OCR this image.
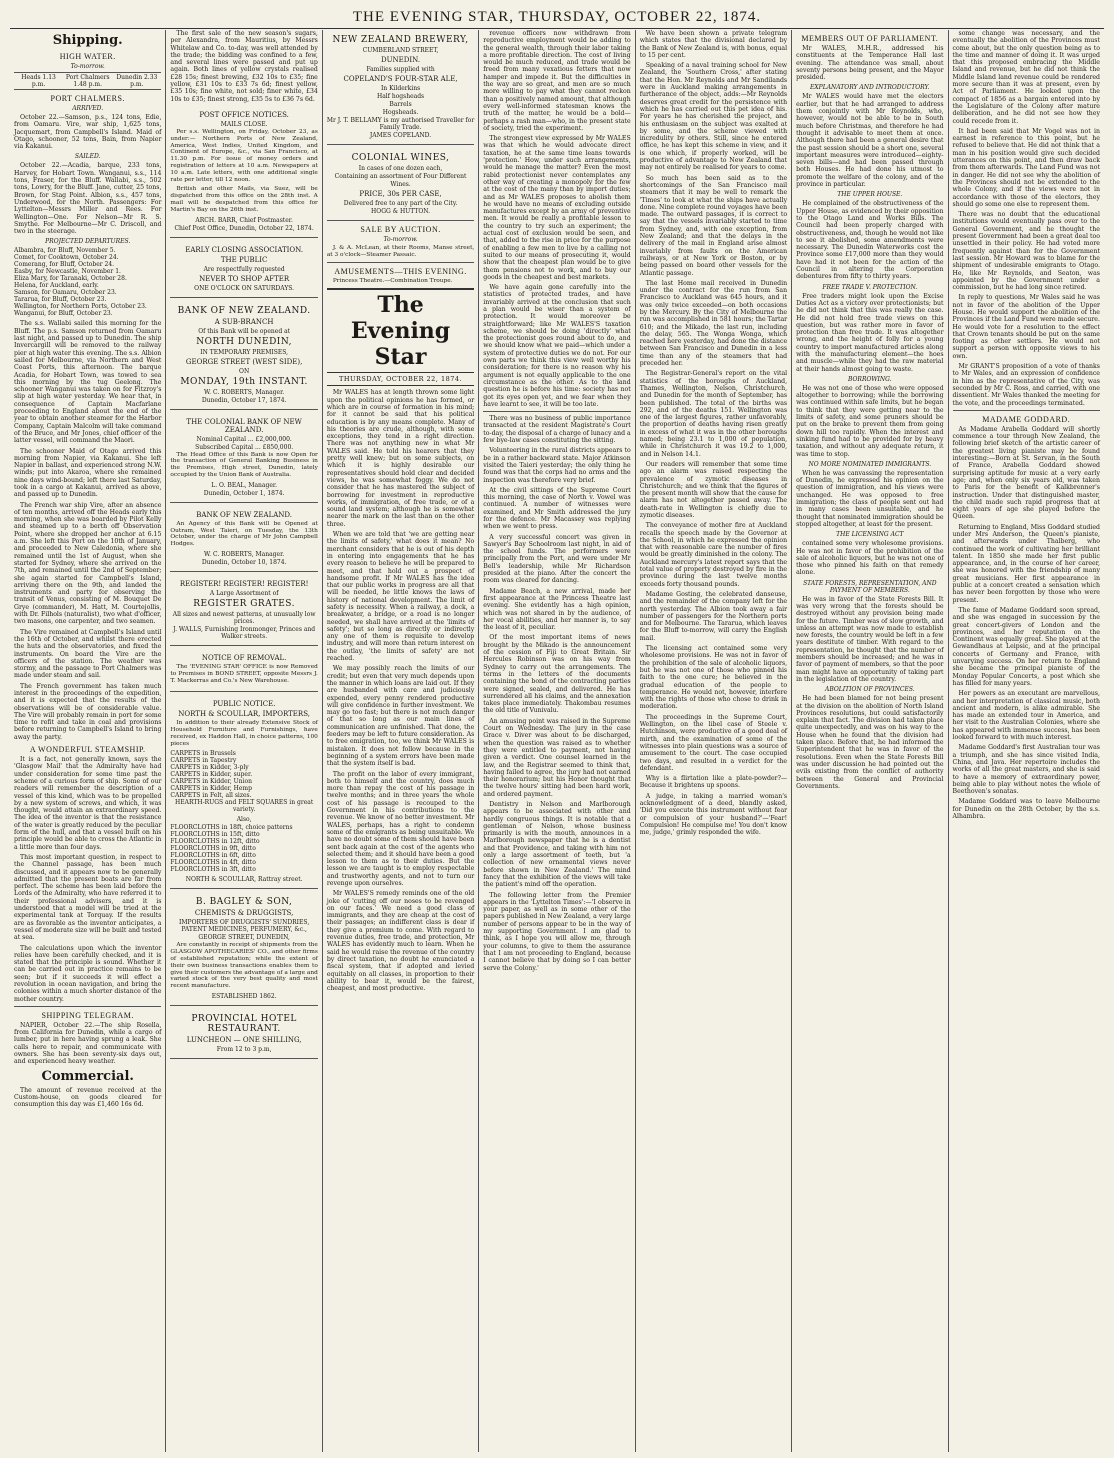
THE EVENING STAR, THURSDAY, OCTOBER 22, 1874.
Shipping.
HIGH WATER.
To-morrow.
Heads 1.13 p.m.
Port Chalmers 1.48 p.m.
Dunedin 2.33 p.m.
PORT CHALMERS.
ARRIVED.

October 22.—Samson, p.s., 124 tons, Edie, from Oamaru. Vire, war ship, 1,625 tons, Jacquemart, from Campbell's Island. Maid of Otago, schooner, 52 tons, Bain, from Napier via Kakanui.

SAILED.

October 22.—Acadia, barque, 233 tons, Harvey, for Hobart Town. Wanganui, s.s., 114 tons, Fraser, for the Bluff. Wallabi, s.s., 502 tons, Lowry, for the Bluff. Jane, cutter, 25 tons, Brown, for Stag Point. Albion, s.s., 457 tons, Underwood, for the North. Passengers: For Lyttelton—Messrs Miller and Rees. For Wellington—One. For Nelson—Mr R. S. Smythe. For Melbourne—Mr C. Driscoll, and two in the steerage.

PROJECTED DEPARTURES.
Albambra, for Bluff, November 5.
Comet, for Cooktown, October 24.
Comerang, for Bluff, October 24.
Easby, for Newcastle, November 1.
Eliza Mary, for Taranaki, October 28.
Helena, for Auckland, early.
Samson, for Oamaru, October 23.
Tararua, for Bluff, October 23.
Wellington, for Northern Ports, October 23.
Wanganui, for Bluff, October 23.

The s.s. Wallabi sailed this morning for the Bluff. The p.s. Samson returned from Oamaru last night, and passed up to Dunedin. The ship Invercargill will be removed to the railway pier at high water this evening. The s.s. Albion sailed for Melbourne, via Northern and West Coast Ports, this afternoon. The barque Acadia, for Hobart Town, was towed to sea this morning by the tug Geelong. The schooner Wanganui was taken on for Fitzroy's slip at high water yesterday. We hear that, in consequence of Captain Macfarlane proceeding to England about the end of the year to obtain another steamer for the Harbor Company, Captain Malcolm will take command of the Bruce, and Mr Jones, chief officer of the latter vessel, will command the Maori.

The schooner Maid of Otago arrived this morning from Napier, via Kakanui. She left Napier in ballast, and experienced strong N.W. winds; put into Akaroa, where she remained nine days wind-bound; left there last Saturday, took in a cargo at Kakanui, arrived as above, and passed up to Dunedin.

The French war ship Vire, after an absence of ten months, arrived off the Heads early this morning, when she was boarded by Pilot Kelly and steamed up to a berth off Observation Point, where she dropped her anchor at 6.15 a.m. She left this Port on the 10th of January, and proceeded to New Caledonia, where she remained until the 1st of August, when she started for Sydney, where she arrived on the 7th, and remained until the 2nd of September; she again started for Campbell's Island, arriving there on the 9th, and landed the instruments and party for observing the transit of Venus, consisting of M. Bouquet De Grye (commander), M. Hatt, M. Courtejollis, with Dr. Filhols (naturalist), two what d'officer, two masons, one carpenter, and two seamen.

The Vire remained at Campbell's Island until the 16th of October, and whilst there erected the huts and the observatories, and fixed the instruments. On board the Vire are the officers of the station. The weather was stormy, and the passage to Port Chalmers was made under steam and sail.

The French government has taken much interest in the proceedings of the expedition, and it is expected that the results of the observations will be of considerable value. The Vire will probably remain in port for some time to refit and take in coal and provisions before returning to Campbell's Island to bring away the party.

A WONDERFUL STEAMSHIP.

It is a fact, not generally known, says the 'Glasgow Mail' that the Admiralty have had under consideration for some time past the scheme of a curious form of ship. Some of our readers will remember the description of a vessel of this kind, which was to be propelled by a new system of screws, and which, it was thought, would attain an extraordinary speed. The idea of the inventor is that the resistance of the water is greatly reduced by the peculiar form of the hull, and that a vessel built on his principle would be able to cross the Atlantic in a little more than four days.

This most important question, in respect to the Channel passage, has been much discussed, and it appears now to be generally admitted that the present boats are far from perfect. The scheme has been laid before the Lords of the Admiralty, who have referred it to their professional advisers, and it is understood that a model will be tried at the experimental tank at Torquay. If the results are as favorable as the inventor anticipates, a vessel of moderate size will be built and tested at sea.

The calculations upon which the inventor relies have been carefully checked, and it is stated that the principle is sound. Whether it can be carried out in practice remains to be seen; but if it succeeds it will effect a revolution in ocean navigation, and bring the colonies within a much shorter distance of the mother country.

SHIPPING TELEGRAM.

NAPIER, October 22.—The ship Rosella, from California for Dunedin, while a cargo of lumber, put in here having sprung a leak. She calls here to repair, and communicate with owners. She has been seventy-six days out, and experienced heavy weather.

Commercial.

The amount of revenue received at the Custom-house, on goods cleared for consumption this day was £1,460 16s 6d.

The first sale of the new season's sugars, per Alexandra, from Mauritius, by Messrs Whitelaw and Co. to-day, was well attended by the trade; the bidding was confined to a few, and several lines were passed and put up again. Both lines of yellow crystals realised £28 15s; finest brewing, £32 10s to £35; fine yellow, £31 10s to £33 7s 6d; finest yellow, £35 10s; fine white, not sold; finer white, £34 10s to £35; finest strong, £35 5s to £36 7s 6d.

POST OFFICE NOTICES.
MAILS CLOSE.

Per s.s. Wellington, on Friday, October 23, as under:— Northern Ports of New Zealand, America, West Indies, United Kingdom, and Continent of Europe, &c., via San Francisco, at 11.30 p.m. For issue of money orders and registration of letters at 10 a.m. Newspapers at 10 a.m. Late letters, with one additional single rate per letter, till 12 noon.

British and other Mails, via Suez, will be dispatched from this office on the 28th inst. A mail will be despatched from this office for Martin's Bay on the 26th inst.

ARCH. BARR, Chief Postmaster.
Chief Post Office, Dunedin, October 22, 1874.
EARLY CLOSING ASSOCIATION.
THE PUBLIC
Are respectfully requested
NEVER TO SHOP AFTER
ONE O'CLOCK ON SATURDAYS.
BANK OF NEW ZEALAND.
A SUB-BRANCH
Of this Bank will be opened at
NORTH DUNEDIN,
IN TEMPORARY PREMISES,
GEORGE STREET (WEST SIDE),
ON
MONDAY, 19th INSTANT.
W. C. ROBERTS, Manager.
Dunedin, October 17, 1874.
THE COLONIAL BANK OF NEW ZEALAND.
Nominal Capital ... £2,000,000.
Subscribed Capital ... £850,000.

The Head Office of this Bank is now Open for the transaction of General Banking Business in the Premises, High street, Dunedin, lately occupied by the Union Bank of Australia.

L. O. BEAL, Manager.
Dunedin, October 1, 1874.
BANK OF NEW ZEALAND.

An Agency of this Bank will be Opened at Outram, West Taieri, on Tuesday, the 13th October, under the charge of Mr John Campbell Hodges.

W. C. ROBERTS, Manager.
Dunedin, October 10, 1874.
REGISTER! REGISTER! REGISTER!
A Large Assortment of
REGISTER GRATES.
All sizes and newest patterns, at unusually low prices.
J. WALLS, Furnishing Ironmonger, Princes and Walker streets.
NOTICE OF REMOVAL.

The 'EVENING STAR' OFFICE is now Removed to Premises in BOND STREET, opposite Messrs J. T. Mackerras and Co.'s New Warehouse.

PUBLIC NOTICE.
NORTH & SCOULLAR, IMPORTERS,

In addition to their already Extensive Stock of Household Furniture and Furnishings, have received, ex Haddon Hall, in choice patterns, 100 pieces

CARPETS in Brussels
CARPETS in Tapestry
CARPETS in Kidder, 3-ply
CARPETS in Kidder, super.
CARPETS in Kidder, Union
CARPETS in Kidder, Hemp
CARPETS in Felt, all sizes.
HEARTH-RUGS and FELT SQUARES in great variety.
Also,
FLOORCLOTHS in 18ft, choice patterns
FLOORCLOTHS in 15ft, ditto
FLOORCLOTHS in 12ft, ditto
FLOORCLOTHS in 9ft, ditto
FLOORCLOTHS in 6ft, ditto
FLOORCLOTHS in 4ft, ditto
FLOORCLOTHS in 3ft, ditto
NORTH & SCOULLAR, Rattray street.
B. BAGLEY & SON,
CHEMISTS & DRUGGISTS,
IMPORTERS OF DRUGGISTS' SUNDRIES, PATENT MEDICINES, PERFUMERY, &c.,
GEORGE STREET, DUNEDIN,

Are constantly in receipt of shipments from the GLASGOW APOTHECARIES' CO., and other firms of established reputation; while the extent of their own business transactions enables them to give their customers the advantage of a large and varied stock of the very best quality and most recent manufacture.

ESTABLISHED 1862.
PROVINCIAL HOTEL RESTAURANT.
LUNCHEON — ONE SHILLING,
From 12 to 3 p.m,
NEW ZEALAND BREWERY,
CUMBERLAND STREET,
DUNEDIN.
Families supplied with
COPELAND'S FOUR-STAR ALE,
In Kilderkins
Half hogsheads
Barrels
Hogsheads.
Mr J. T. BELLAMY is my authorised Traveller for Family Trade.
JAMES COPELAND.
COLONIAL WINES,
In cases of one dozen each,
Containing an assortment of Four Different
Wines.
PRICE, 30s PER CASE,
Delivered free to any part of the City.
HOGG & HUTTON.
SALE BY AUCTION.
To-morrow.

J. & A. McLean, at their Rooms, Manse street, at 3 o'clock—Steamer Passaic.

AMUSEMENTS—THIS EVENING.

Princess Theatre.—Combination Troupe.

The Evening Star
THURSDAY, OCTOBER 22, 1874.

Mr WALES has at length thrown some light upon the political opinions he has formed, or which are in course of formation in his mind; for it cannot be said that his political education is by any means complete. Many of his theories are crude, although, with some exceptions, they tend in a right direction. There was not anything new in what Mr WALES said. He told his hearers that they pretty well knew; but on some subjects, on which it is highly desirable our representatives should hold clear and decided views, he was somewhat foggy. We do not consider that he has mastered the subject of borrowing for investment in reproductive works, of immigration, of free trade, or of a sound land system; although he is somewhat nearer the mark on the last than on the other three.

When we are told that 'we are getting near the limits of safety,' what does it mean? No merchant considers that he is out of his depth in entering into engagements that he has every reason to believe he will be prepared to meet, and that hold out a prospect of handsome profit. If Mr WALES has the idea that our public works in progress are all that will be needed, he little knows the laws of history of national development. The limit of safety is necessity. When a railway, a dock, a breakwater, a bridge, or a road is no longer needed, we shall have arrived at the 'limits of safety'; but so long as directly or indirectly any one of them is requisite to develop industry, and will more than return interest on the outlay, 'the limits of safety' are not reached.

We may possibly reach the limits of our credit; but even that very much depends upon the manner in which loans are laid out. If they are husbanded with care and judiciously expended, every penny rendered productive will give confidence in further investment. We may go too fast; but there is not much danger of that so long as our main lines of communication are unfinished. That done, the feeders may be left to future consideration. As to free emigration, too, we think Mr WALES is mistaken. It does not follow because in the beginning of a system errors have been made that the system itself is bad.

The profit on the labor of every immigrant, both to himself and the country, does much more than repay the cost of his passage in twelve months; and in three years the whole cost of his passage is recouped to the Government in his contributions to the revenue. We know of no better investment. Mr WALES, perhaps, has a right to condemn some of the emigrants as being unsuitable. We have no doubt some of them should have been sent back again at the cost of the agents who selected them; and it should have been a good lesson to them as to their duties. But the lesson we are taught is to employ respectable and trustworthy agents, and not to turn our revenge upon ourselves.

Mr WALES'S remedy reminds one of the old joke of 'cutting off our noses to be revenged on our faces.' We need a good class of immigrants, and they are cheap at the cost of their passages; an indifferent class is dear if they give a premium to come. With regard to revenue duties, free trade, and protection, Mr WALES has evidently much to learn. When he said he would raise the revenue of the country by direct taxation, no doubt he enunciated a fiscal system, that if adopted and levied equitably on all classes, in proportion to their ability to bear it, would be the fairest, cheapest, and most productive.

revenue officers now withdrawn from reproductive employment would be adding to the general wealth, through their labor taking a more profitable direction. The cost of living would be much reduced, and trade would be freed from many vexatious fetters that now hamper and impede it. But the difficulties in the way are so great, and men are so much more willing to pay what they cannot reckon than a positively named amount, that although every well-informed statesman knows the truth of the matter, he would be a bold—perhaps a rash man—who, in the present state of society, tried the experiment.

The strongest view expressed by Mr WALES was that which he would advocate direct taxation, he at the same time leans towards 'protection.' How, under such arrangements, would he manage the matter? Even the most rabid protectionist never contemplates any other way of creating a monopoly for the few at the cost of the many than by import duties; and as Mr WALES proposes to abolish them he would have no means of excluding outside manufactures except by an army of preventive men. It would be really a profitable lesson to the country to try such an experiment; the actual cost of exclusion would be seen, and that, added to the rise in price for the purpose of enabling a few men to live by a calling not suited to our means of prosecuting it, would show that the cheapest plan would be to give them pensions not to work, and to buy our goods in the cheapest and best markets.

We have again gone carefully into the statistics of protected trades, and have invariably arrived at the conclusion that such a plan would be wiser than a system of protection. It would moreover be straightforward; like Mr WALES'S taxation scheme, we should be doing 'directly' what the protectionist goes round about to do, and we should know what we paid—which under a system of protective duties we do not. For our own parts we think this view well worthy his consideration; for there is no reason why his argument is not equally applicable to the one circumstance as the other. As to the land question he is before his time: society has not got its eyes open yet, and we fear when they have learnt to see, it will be too late.

There was no business of public importance transacted at the resident Magistrate's Court to-day, the disposal of a charge of lunacy and a few bye-law cases constituting the sitting.

Volunteering in the rural districts appears to be in a rather backward state. Major Atkinson visited the Taieri yesterday; the only thing he found was that the corps had no arms and the inspection was therefore very brief.

At the civil sittings of the Supreme Court this morning, the case of North v. Vowel was continued. A number of witnesses were examined, and Mr Smith addressed the jury for the defence. Mr Macassey was replying when we went to press.

A very successful concert was given in Sawyer's Bay Schoolroom last night, in aid of the school funds. The performers were principally from the Port, and were under Mr Bell's leadership, while Mr Richardson presided at the piano. After the concert the room was cleared for dancing.

Madame Beach, a new arrival, made her first appearance at the Princess Theatre last evening. She evidently has a high opinion, which was not shared in by the audience, of her vocal abilities, and her manner is, to say the least of it, peculiar.

Of the most important items of news brought by the Mikado is the announcement of the cession of Fiji to Great Britain. Sir Hercules Robinson was on his way from Sydney to carry out the arrangements. The terms in the letters of the documents containing the bond of the contracting parties were signed, sealed, and delivered. He has surrendered all his claims, and the annexation takes place immediately. Thakombau resumes the old title of Vunivalu.

An amusing point was raised in the Supreme Court on Wednesday. The jury in the case Grace v. Diver was about to be discharged, when the question was raised as to whether they were entitled to payment, not having given a verdict. One counsel learned in the law, and the Registrar seemed to think that, having failed to agree, the jury had not earned their honorarium; but his Honor thought that the twelve hours' sitting had been hard work, and ordered payment.

Dentistry in Nelson and Marlborough appears to be associated with other and hardly congruous things. It is notable that a gentleman of Nelson, whose business primarily is with the mouth, announces in a Marlborough newspaper that he is a dentist and that Providence, and taking with him not only a large assortment of teeth, but 'a collection of new ornamental views never before shown in New Zealand.' The mind fancy that the exhibition of the views will take the patient's mind off the operation.

The following letter from the Premier appears in the 'Lyttelton Times':—'I observe in your paper, as well as in some other of the papers published in New Zealand, a very large number of persons appear to be in the way of my supporting Government. I am glad to think, as I hope you will allow me, through your columns, to give to them the assurance that I am not proceeding to England, because I cannot believe that by doing so I can better serve the Colony.'

We have been shown a private telegram which states that the divisional declared by the Bank of New Zealand is, with bonus, equal to 15 per cent.

Speaking of a naval training school for New Zealand, the 'Southern Cross,' after stating that the Hon. Mr Reynolds and Mr Sandilands were in Auckland making arrangements in furtherance of the object, adds:—Mr Reynolds deserves great credit for the persistence with which he has carried out this pet idea of his. For years he has cherished the project, and his enthusiasm on the subject was exalted at by some, and the scheme viewed with incredulity by others. Still, since he entered office, he has kept this scheme in view, and it is one which, if properly worked, will be productive of advantage to New Zealand that may not entirely be realised for years to come.

So much has been said as to the shortcomings of the San Francisco mail steamers that it may be well to remark the 'Times' to look at what the ships have actually done. Nine complete round voyages have been made. The outward passages, it is correct to say that the vessels invariably started to time from Sydney, and, with one exception, from New Zealand; and that the delays in the delivery of the mail in England arise almost invariably from faults on the American railways, or at New York or Boston, or by being passed on board other vessels for the Atlantic passage.

The last Home mail received in Dunedin under the contract for the run from San Francisco to Auckland was 645 hours, and it was only twice exceeded—on both occasions by the Mercury. By the City of Melbourne the run was accomplished in 581 hours; the Tartar 610; and the Mikado, the last run, including the delay, 565. The Wonga Wonga, which reached here yesterday, had done the distance between San Francisco and Dunedin in a less time than any of the steamers that had preceded her.

The Registrar-General's report on the vital statistics of the boroughs of Auckland, Thames, Wellington, Nelson, Christchurch, and Dunedin for the month of September, has been published. The total of the births was 292, and of the deaths 151. Wellington was one of the largest figures, rather unfavorably, the proportion of deaths having risen greatly in excess of what it was in the other boroughs named; being 23.1 to 1,000 of population, while in Christchurch it was 19.2 to 1,000, and in Nelson 14.1.

Our readers will remember that some time ago an alarm was raised respecting the prevalence of zymotic diseases in Christchurch; and we think that the figures of the present month will show that the cause for alarm has not altogether passed away. The death-rate in Wellington is chiefly due to zymotic diseases.

The conveyance of mother fire at Auckland recalls the speech made by the Governor at the School, in which he expressed the opinion that with reasonable care the number of fires would be greatly diminished in the colony. The Auckland mercury's latest report says that the total value of property destroyed by fire in the province during the last twelve months exceeds forty thousand pounds.

Madame Gosting, the celebrated danseuse, and the remainder of the company left for the north yesterday. The Albion took away a fair number of passengers for the Northern ports and for Melbourne. The Tararua, which leaves for the Bluff to-morrow, will carry the English mail.

The licensing act contained some very wholesome provisions. He was not in favor of the prohibition of the sale of alcoholic liquors, but he was not one of those who pinned his faith to the one cure; he believed in the gradual education of the people to temperance. He would not, however, interfere with the rights of those who chose to drink in moderation.

The proceedings in the Supreme Court, Wellington, on the libel case of Steele v. Hutchinson, were productive of a good deal of mirth, and the examination of some of the witnesses into plain questions was a source of amusement to the court. The case occupied two days, and resulted in a verdict for the defendant.

Why is a flirtation like a plate-powder?—Because it brightens up spoons.

A judge, in taking a married woman's acknowledgment of a deed, blandly asked, 'Did you execute this instrument without fear or compulsion of your husband?'—'Fear! Compulsion! He compulse me! You don't know me, judge,' grimly responded the wife.

MEMBERS OUT OF PARLIAMENT.

Mr WALES, M.H.R., addressed his constituents at the Temperance Hall last evening. The attendance was small, about seventy persons being present, and the Mayor presided.

EXPLANATORY AND INTRODUCTORY.

Mr WALES would have met the electors earlier, but that he had arranged to address them conjointly with Mr Reynolds, who, however, would not be able to be in South much before Christmas, and therefore he had thought it advisable to meet them at once. Although there had been a general desire that the past session should be a short one, several important measures were introduced—eighty-seven bills—and had been passed through both Houses. He had done his utmost to promote the welfare of the colony, and of the province in particular.

THE UPPER HOUSE.

He complained of the obstructiveness of the Upper House, as evidenced by their opposition to the Otago Land and Works Bills. The Council had been properly charged with obstructiveness, and, though he would not like to see it abolished, some amendments were necessary. The Dunedin Waterworks cost the Province some £17,000 more than they would have had it not been for the action of the Council in altering the Corporation debentures from fifty to thirty years.

FREE TRADE V. PROTECTION.

Free traders might look upon the Excise Duties Act as a victory over protectionists; but he did not think that this was really the case. He did not hold free trade views on this question, but was rather more in favor of protection than free trade. It was altogether wrong, and the height of folly for a young country to import manufactured articles along with the manufacturing element—the hoes and muscle—while they had the raw material at their hands almost going to waste.

BORROWING.

He was not one of those who were opposed altogether to borrowing; while the borrowing was continued within safe limits, but he began to think that they were getting near to the limits of safety, and some pruners should be put on the brake to prevent them from going down hill too rapidly. When the interest and sinking fund had to be provided for by heavy taxation, and without any adequate return, it was time to stop.

NO MORE NOMINATED IMMIGRANTS.

When he was canvassing the representation of Dunedin, he expressed his opinion on the question of immigration, and his views were unchanged. He was opposed to free immigration; the class of people sent out had in many cases been unsuitable, and he thought that nominated immigration should be stopped altogether, at least for the present.

THE LICENSING ACT

contained some very wholesome provisions. He was not in favor of the prohibition of the sale of alcoholic liquors, but he was not one of those who pinned his faith on that remedy alone.

STATE FORESTS, REPRESENTATION, AND PAYMENT OF MEMBERS.

He was in favor of the State Forests Bill. It was very wrong that the forests should be destroyed without any provision being made for the future. Timber was of slow growth, and unless an attempt was now made to establish new forests, the country would be left in a few years destitute of timber. With regard to the representation, he thought that the number of members should be increased; and he was in favor of payment of members, so that the poor man might have an opportunity of taking part in the legislation of the country.

ABOLITION OF PROVINCES.

He had been blamed for not being present at the division on the abolition of North Island Provinces resolutions, but could satisfactorily explain that fact. The division had taken place quite unexpectedly, and was on his way to the House when he found that the division had taken place. Before that, he had informed the Superintendent that he was in favor of the resolutions. Even when the State Forests Bill was under discussion he had pointed out the evils existing from the conflict of authority between the General and Provincial Governments.

some change was necessary, and the eventually the abolition of the Provinces must come about, but the only question being as to the time and manner of doing it. It was urged that this proposed embracing the Middle Island and revenue, but he did not think the Middle Island land revenue could be rendered more secure than it was at present, even by Act of Parliament. He looked upon the compact of 1856 as a bargain entered into by the Legislature of the Colony after mature deliberation, and he did not see how they could recede from it.

It had been said that Mr Vogel was not in earnest in reference to this point, but he refused to believe that. He did not think that a man in his position would give such decided utterances on this point, and then draw back from them afterwards. The Land Fund was not in danger. He did not see why the abolition of the Provinces should not be extended to the whole Colony, and if the views were not in accordance with those of the electors, they should go some one else to represent them.

There was no doubt that the educational institutions would eventually pass over to the General Government, and he thought the present Government had been a great deal too unsettled in their policy. He had voted more frequently against than for the Government last session. Mr Howard was to blame for the shipment of undesirable emigrants to Otago. He, like Mr Reynolds, and Seaton, was appointed by the Government under a commission, but he had long since retired.

In reply to questions, Mr Wales said he was not in favor of the abolition of the Upper House. He would support the abolition of the Provinces if the Land Fund were made secure. He would vote for a resolution to the effect that Crown tenants should be put on the same footing as other settlers. He would not support a person with opposite views to his own.

Mr GRANT'S proposition of a vote of thanks to Mr Wales, and an expression of confidence in him as the representative of the City, was seconded by Mr C. Ross, and carried, with one dissentient. Mr Wales thanked the meeting for the vote, and the proceedings terminated.

MADAME GODDARD.

As Madame Arabella Goddard will shortly commence a tour through New Zealand, the following brief sketch of the artistic career of the greatest living pianiste may be found interesting:—Born at St. Servan, in the South of France, Arabella Goddard showed surprising aptitude for music at a very early age; and, when only six years old, was taken to Paris for the benefit of Kalkbrenner's instruction. Under that distinguished master, the child made such rapid progress that at eight years of age she played before the Queen.

Returning to England, Miss Goddard studied under Mrs Anderson, the Queen's pianiste, and afterwards under Thalberg, who continued the work of cultivating her brilliant talent. In 1850 she made her first public appearance, and, in the course of her career, she was honored with the friendship of many great musicians. Her first appearance in public at a concert created a sensation which has never been forgotten by those who were present.

The fame of Madame Goddard soon spread, and she was engaged in succession by the great concert-givers of London and the provinces, and her reputation on the Continent was equally great. She played at the Gewandhaus at Leipsic, and at the principal concerts of Germany and France, with unvarying success. On her return to England she became the principal pianiste of the Monday Popular Concerts, a post which she has filled for many years.

Her powers as an executant are marvellous, and her interpretation of classical music, both ancient and modern, is alike admirable. She has made an extended tour in America, and her visit to the Australian Colonies, where she has appeared with immense success, has been looked forward to with much interest.

Madame Goddard's first Australian tour was a triumph, and she has since visited India, China, and Java. Her repertoire includes the works of all the great masters, and she is said to have a memory of extraordinary power, being able to play without notes the whole of Beethoven's sonatas.

Madame Goddard was to leave Melbourne for Dunedin on the 28th October, by the s.s. Alhambra.
